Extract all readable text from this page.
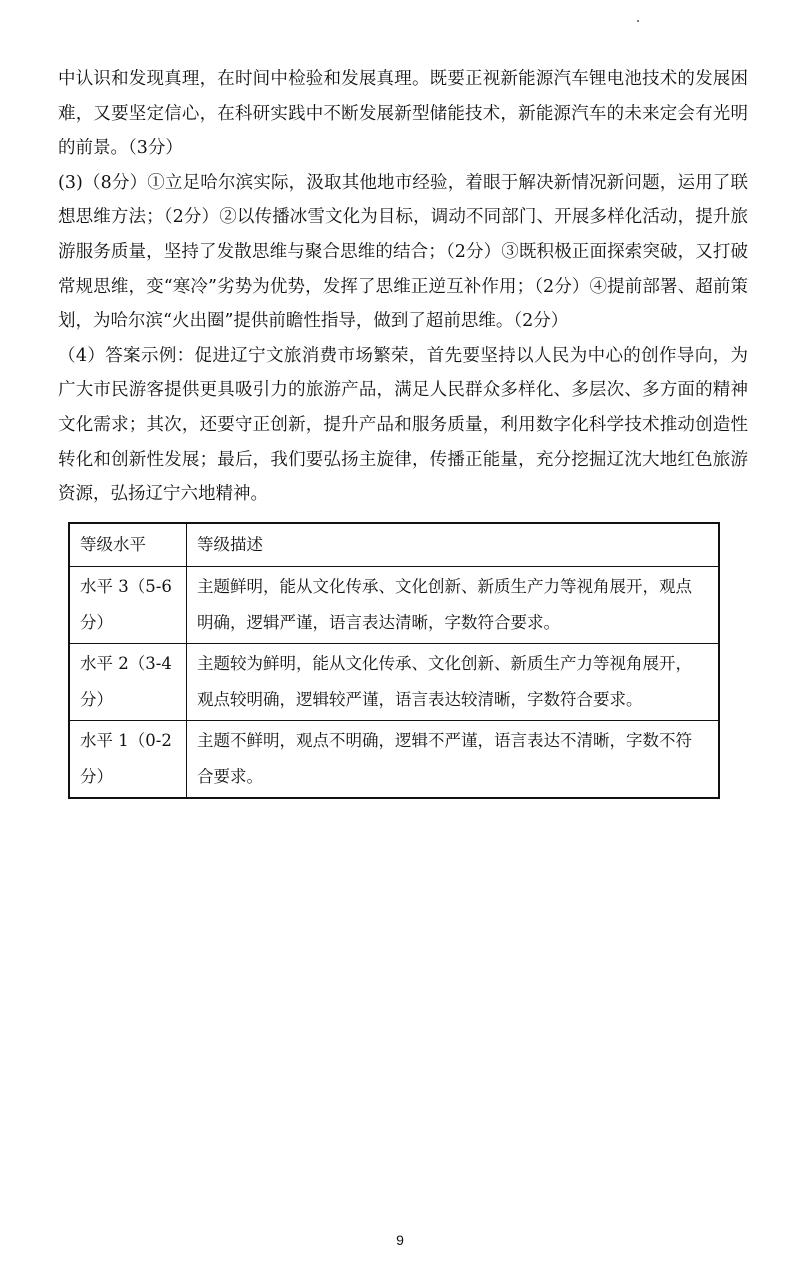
中认识和发现真理，在时间中检验和发展真理。既要正视新能源汽车锂电池技术的发展困难，又要坚定信心，在科研实践中不断发展新型储能技术，新能源汽车的未来定会有光明的前景。（3分）

(3)（8分）①立足哈尔滨实际，汲取其他地市经验，着眼于解决新情况新问题，运用了联想思维方法；（2分）②以传播冰雪文化为目标，调动不同部门、开展多样化活动，提升旅游服务质量，坚持了发散思维与聚合思维的结合；（2分）③既积极正面探索突破，又打破常规思维，变“寒冷”劣势为优势，发挥了思维正逆互补作用；（2分）④提前部署、超前策划，为哈尔滨“火出圈”提供前瞻性指导，做到了超前思维。（2分）

（4）答案示例：促进辽宁文旅消费市场繁荣，首先要坚持以人民为中心的创作导向，为广大市民游客提供更具吸引力的旅游产品，满足人民群众多样化、多层次、多方面的精神文化需求；其次，还要守正创新，提升产品和服务质量，利用数字化科学技术推动创造性转化和创新性发展；最后，我们要弘扬主旋律，传播正能量，充分挖掘辽沈大地红色旅游资源，弘扬辽宁六地精神。

等级水平	等级描述
水平 3（5-6 分）	主题鲜明，能从文化传承、文化创新、新质生产力等视角展开，观点明确，逻辑严谨，语言表达清晰，字数符合要求。
水平 2（3-4 分）	主题较为鲜明，能从文化传承、文化创新、新质生产力等视角展开，观点较明确，逻辑较严谨，语言表达较清晰，字数符合要求。
水平 1（0-2 分）	主题不鲜明，观点不明确，逻辑不严谨，语言表达不清晰，字数不符合要求。
9
